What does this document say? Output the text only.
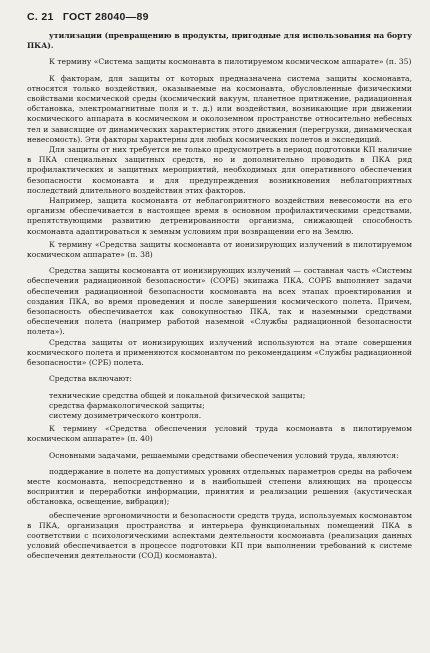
С. 21 ГОСТ 28040—89

утилизации (превращению в продукты, пригодные для использования на борту ПКА).

К термину «Система защиты космонавта в пилотируемом космическом аппарате» (п. 35)

К факторам, для защиты от которых предназначена система защиты космонавта, относятся только воздействия, оказываемые на космонавта, обусловленные физическими свойствами космической среды (космический вакуум, планетное притяжение, радиационная обстановка, электромагнитные поля и т. д.) или воздействия, возникающие при движении космического аппарата в космическом и околоземном пространстве относительно небесных тел и зависящие от динамических характеристик этого движения (перегрузки, динамическая невесомость). Эти факторы характерны для любых космических полетов и экспедиций.

Для защиты от них требуется не только предусмотреть в период подготовки КП наличие в ПКА специальных защитных средств, но и дополнительно проводить в ПКА ряд профилактических и защитных мероприятий, необходимых для оперативного обеспечения безопасности космонавта и для предупреждения возникновения неблагоприятных последствий длительного воздействия этих факторов.

Например, защита космонавта от неблагоприятного воздействия невесомости на его организм обеспечивается в настоящее время в основном профилактическими средствами, препятствующими развитию детренированности организма, снижающей способность космонавта адаптироваться к земным условиям при возвращении его на Землю.

К термину «Средства защиты космонавта от ионизирующих излучений в пилотируемом космическом аппарате» (п. 38)

Средства защиты космонавта от ионизирующих излучений — составная часть «Системы обеспечения радиационной безопасности» (СОРБ) экипажа ПКА. СОРБ выполняет задачи обеспечения радиационной безопасности космонавта на всех этапах проектирования и создания ПКА, во время проведения и после завершения космического полета. Причем, безопасность обеспечивается как совокупностью ПКА, так и наземными средствами обеспечения полета (например работой наземной «Службы радиационной безопасности полета»).

Средства защиты от ионизирующих излучений используются на этапе совершения космического полета и применяются космонавтом по рекомендациям «Службы радиационной безопасности» (СРБ) полета.

Средства включают:

технические средства общей и локальной физической защиты;

средства фармакологической защиты;

систему дозиметрического контроля.

К термину «Средства обеспечения условий труда космонавта в пилотируемом космическом аппарате» (п. 40)

Основными задачами, решаемыми средствами обеспечения условий труда, являются:

поддержание в полете на допустимых уровнях отдельных параметров среды на рабочем месте космонавта, непосредственно и в наибольшей степени влияющих на процессы восприятия и переработки информации, принятия и реализации решения (акустическая обстановка, освещение, вибрация);

обеспечение эргономичности и безопасности средств труда, используемых космонавтом в ПКА, организация пространства и интерьера функциональных помещений ПКА в соответствии с психологическими аспектами деятельности космонавта (реализация данных условий обеспечивается в процессе подготовки КП при выполнении требований к системе обеспечения деятельности (СОД) космонавта).
